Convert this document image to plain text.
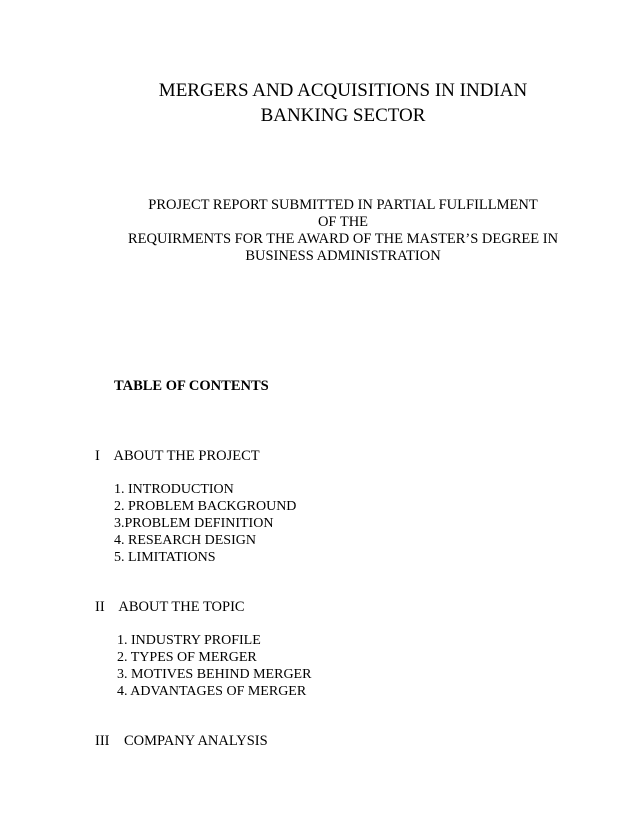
MERGERS AND ACQUISITIONS IN INDIAN
BANKING SECTOR
PROJECT REPORT SUBMITTED IN PARTIAL FULFILLMENT
OF THE
REQUIRMENTS FOR THE AWARD OF THE MASTER’S DEGREE IN
BUSINESS ADMINISTRATION
TABLE OF CONTENTS
I    ABOUT THE PROJECT
1. INTRODUCTION
2. PROBLEM BACKGROUND
3.PROBLEM DEFINITION
4. RESEARCH DESIGN
5. LIMITATIONS
II    ABOUT THE TOPIC
1. INDUSTRY PROFILE
2. TYPES OF MERGER
3. MOTIVES BEHIND MERGER
4. ADVANTAGES OF MERGER
III    COMPANY ANALYSIS
